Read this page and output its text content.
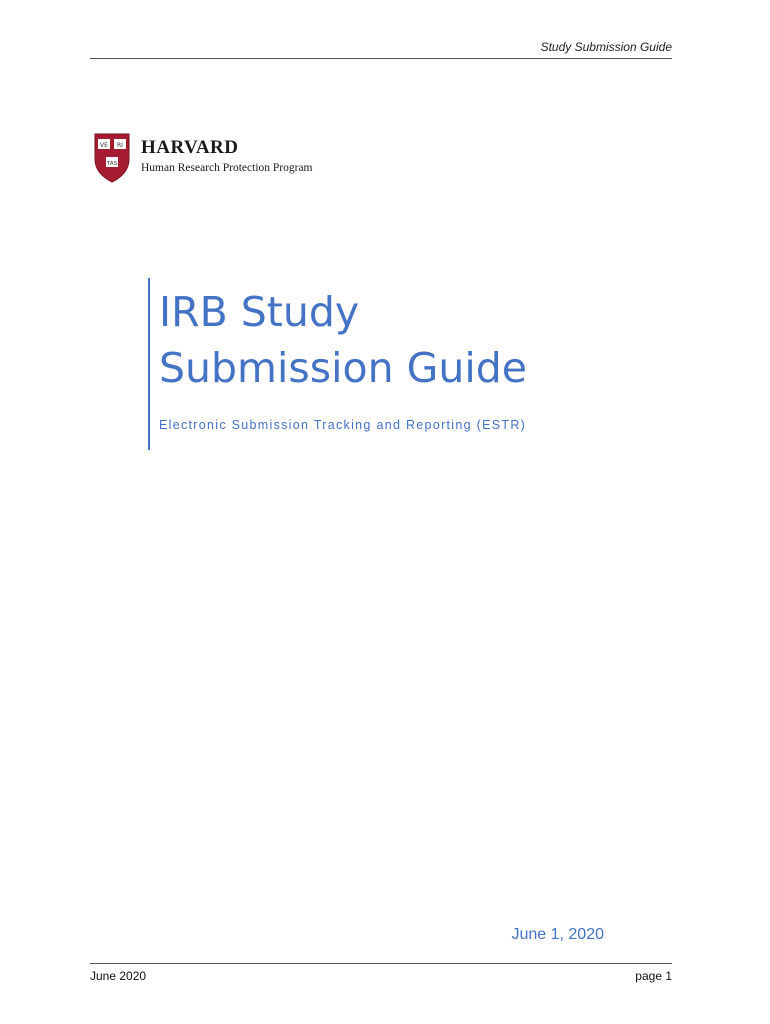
Study Submission Guide
VE RI
TAS
HARVARD
Human Research Protection Program
IRB Study
Submission Guide
Electronic Submission Tracking and Reporting (ESTR)
June 1, 2020
June 2020	page 1
